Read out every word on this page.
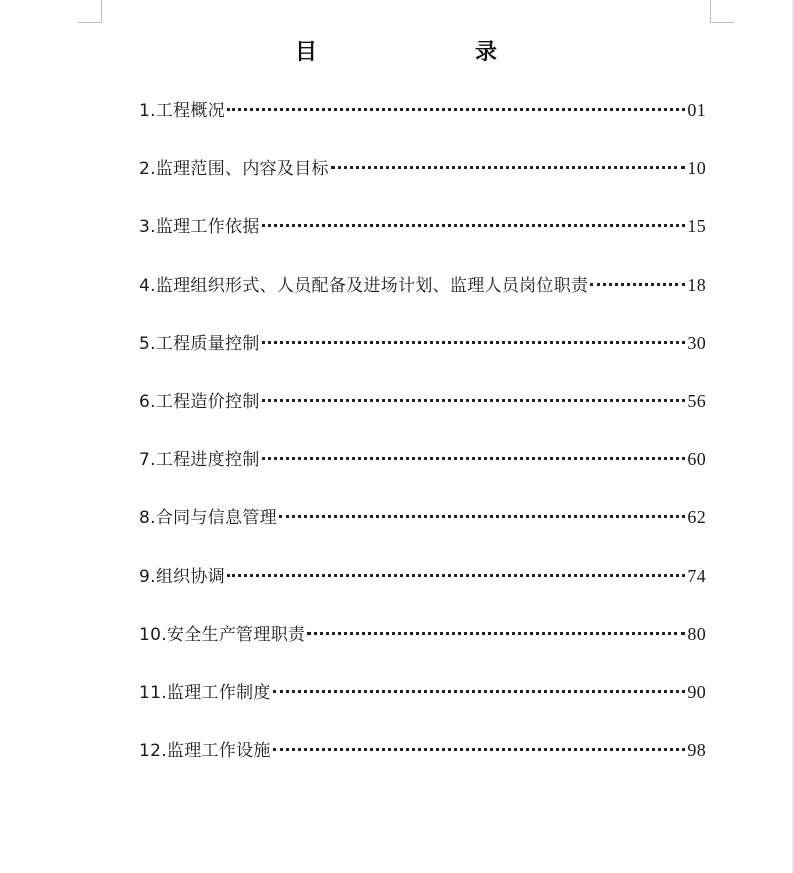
目　录
1.工程概况	01
2.监理范围、内容及目标	10
3.监理工作依据	15
4.监理组织形式、人员配备及进场计划、监理人员岗位职责	18
5.工程质量控制	30
6.工程造价控制	56
7.工程进度控制	60
8.合同与信息管理	62
9.组织协调	74
10.安全生产管理职责	80
11.监理工作制度	90
12.监理工作设施	98
